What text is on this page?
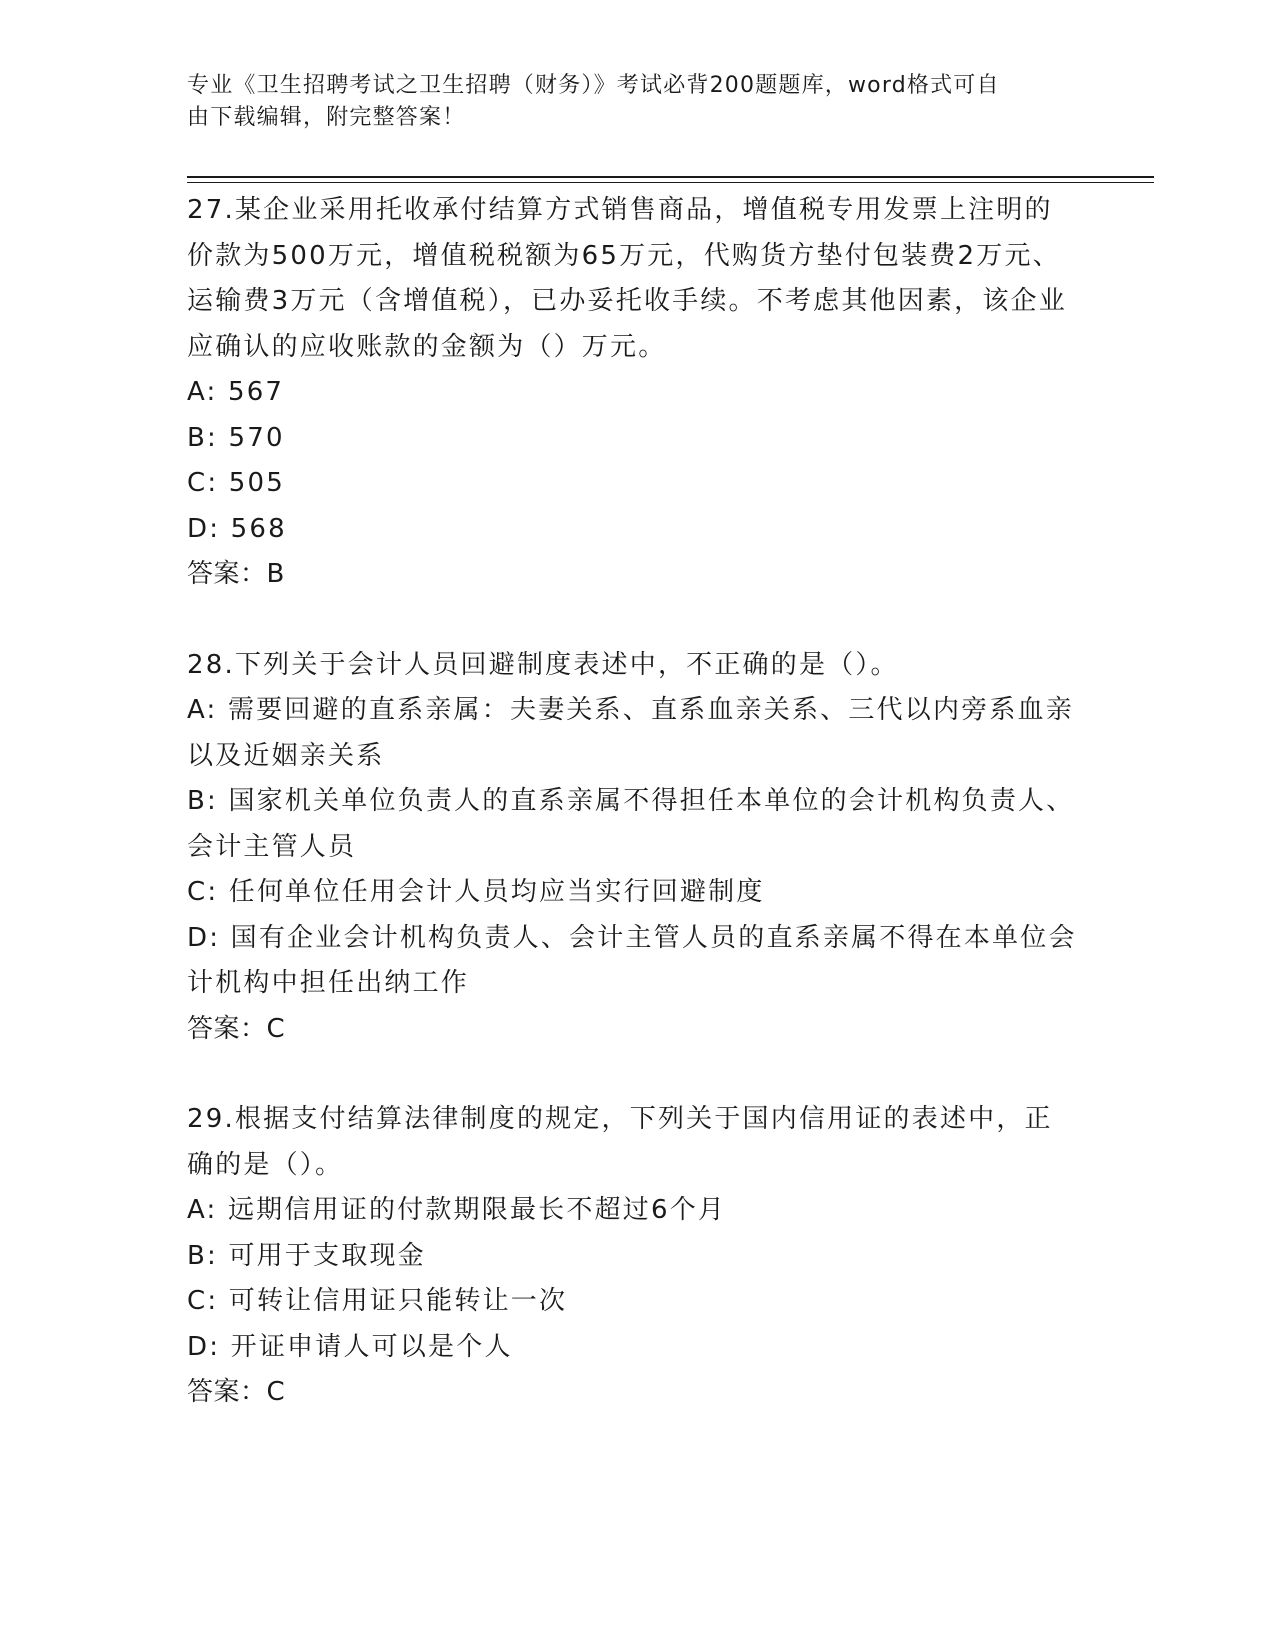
专业《卫生招聘考试之卫生招聘（财务）》考试必背200题题库，word格式可自
由下载编辑，附完整答案！
27.某企业采用托收承付结算方式销售商品，增值税专用发票上注明的价款为500万元，增值税税额为65万元，代购货方垫付包装费2万元、运输费3万元（含增值税），已办妥托收手续。不考虑其他因素，该企业应确认的应收账款的金额为（）万元。
A: 567
B: 570
C: 505
D: 568
答案：B
28.下列关于会计人员回避制度表述中，不正确的是（）。
A: 需要回避的直系亲属：夫妻关系、直系血亲关系、三代以内旁系血亲以及近姻亲关系
B: 国家机关单位负责人的直系亲属不得担任本单位的会计机构负责人、会计主管人员
C: 任何单位任用会计人员均应当实行回避制度
D: 国有企业会计机构负责人、会计主管人员的直系亲属不得在本单位会计机构中担任出纳工作
答案：C
29.根据支付结算法律制度的规定，下列关于国内信用证的表述中，正确的是（）。
A: 远期信用证的付款期限最长不超过6个月
B: 可用于支取现金
C: 可转让信用证只能转让一次
D: 开证申请人可以是个人
答案：C
